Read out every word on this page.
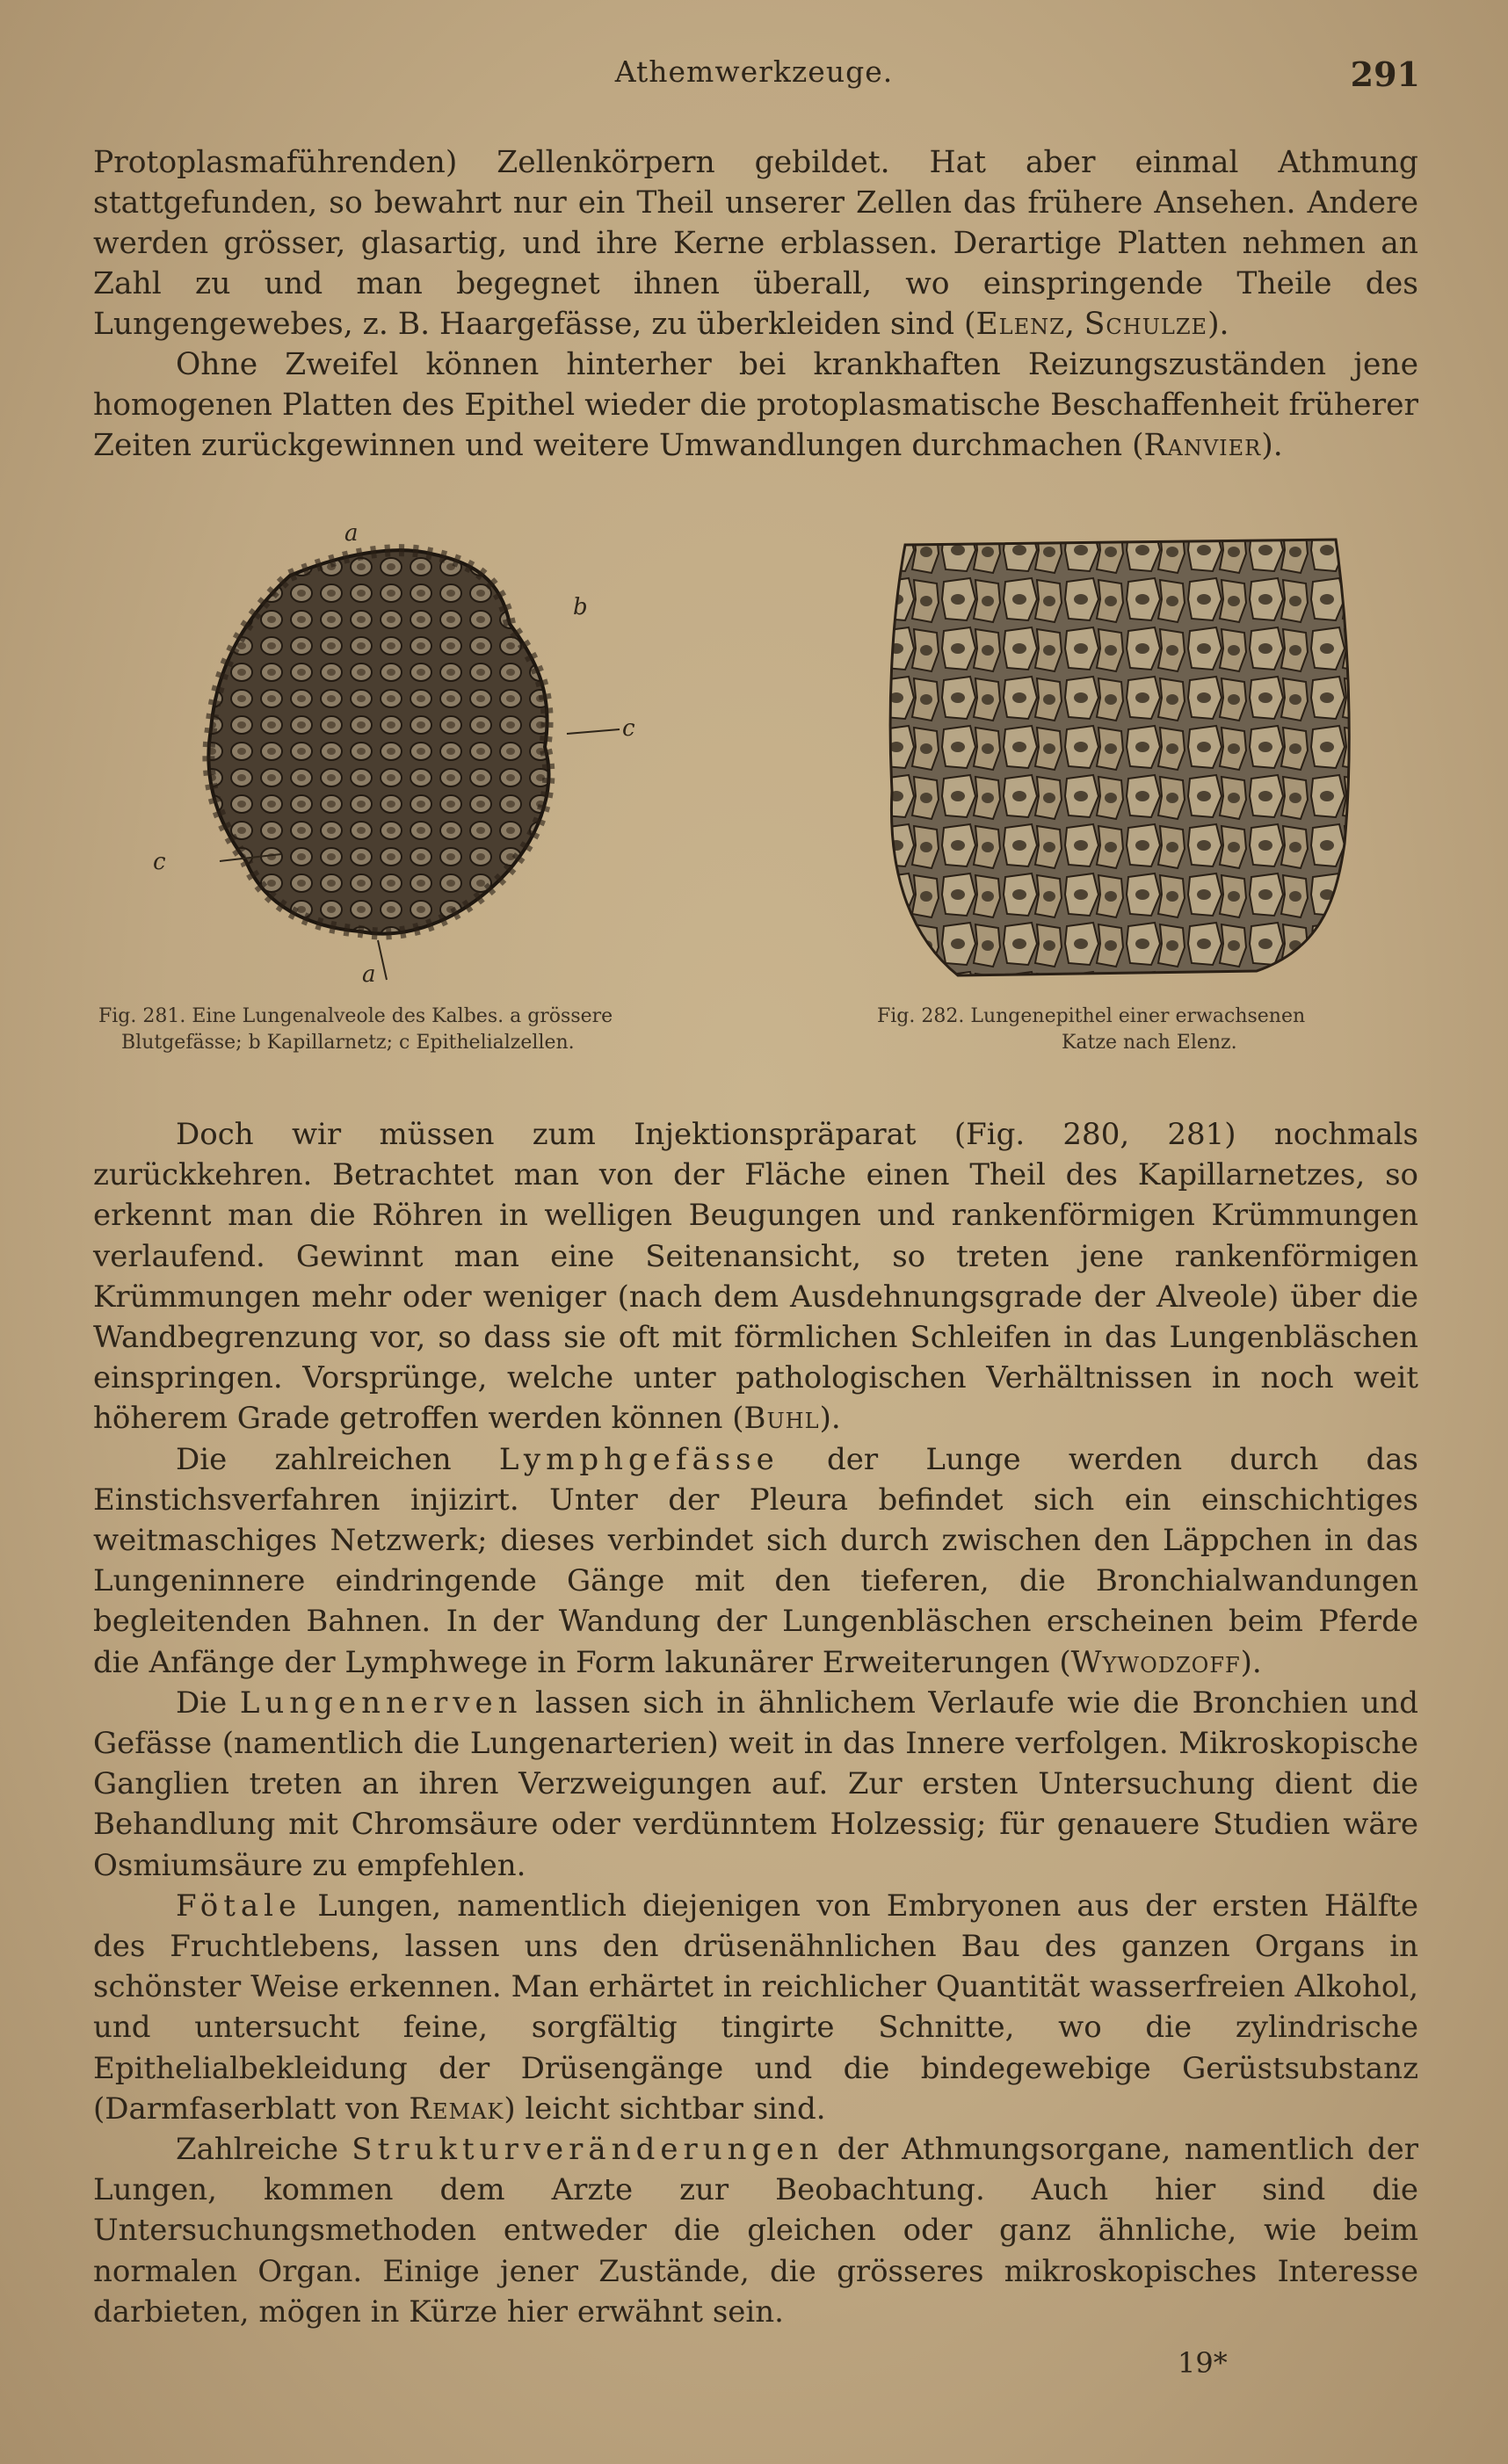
Athemwerkzeuge.	291

Protoplasmaführenden) Zellenkörpern gebildet. Hat aber einmal Athmung stattgefunden, so bewahrt nur ein Theil unserer Zellen das frühere Ansehen. Andere werden grösser, glasartig, und ihre Kerne erblassen. Derartige Platten nehmen an Zahl zu und man begegnet ihnen überall, wo einspringende Theile des Lungengewebes, z. B. Haargefässe, zu überkleiden sind (Elenz, Schulze).

Ohne Zweifel können hinterher bei krankhaften Reizungszuständen jene homogenen Platten des Epithel wieder die protoplasmatische Beschaffenheit früherer Zeiten zurückgewinnen und weitere Umwandlungen durchmachen (Ranvier).

a
b
c
c
a
Fig. 281. Eine Lungenalveole des Kalbes. a grössere
Blutgefässe; b Kapillarnetz; c Epithelialzellen.
Fig. 282. Lungenepithel einer erwachsenen
Katze nach Elenz.

Doch wir müssen zum Injektionspräparat (Fig. 280, 281) nochmals zurückkehren. Betrachtet man von der Fläche einen Theil des Kapillarnetzes, so erkennt man die Röhren in welligen Beugungen und rankenförmigen Krümmungen verlaufend. Gewinnt man eine Seitenansicht, so treten jene rankenförmigen Krümmungen mehr oder weniger (nach dem Ausdehnungsgrade der Alveole) über die Wandbegrenzung vor, so dass sie oft mit förmlichen Schleifen in das Lungenbläschen einspringen. Vorsprünge, welche unter pathologischen Verhältnissen in noch weit höherem Grade getroffen werden können (Buhl).

Die zahlreichen Lymphgefässe der Lunge werden durch das Einstichsverfahren injizirt. Unter der Pleura befindet sich ein einschichtiges weitmaschiges Netzwerk; dieses verbindet sich durch zwischen den Läppchen in das Lungeninnere eindringende Gänge mit den tieferen, die Bronchialwandungen begleitenden Bahnen. In der Wandung der Lungenbläschen erscheinen beim Pferde die Anfänge der Lymphwege in Form lakunärer Erweiterungen (Wywodzoff).

Die Lungennerven lassen sich in ähnlichem Verlaufe wie die Bronchien und Gefässe (namentlich die Lungenarterien) weit in das Innere verfolgen. Mikroskopische Ganglien treten an ihren Verzweigungen auf. Zur ersten Untersuchung dient die Behandlung mit Chromsäure oder verdünntem Holzessig; für genauere Studien wäre Osmiumsäure zu empfehlen.

Fötale Lungen, namentlich diejenigen von Embryonen aus der ersten Hälfte des Fruchtlebens, lassen uns den drüsenähnlichen Bau des ganzen Organs in schönster Weise erkennen. Man erhärtet in reichlicher Quantität wasserfreien Alkohol, und untersucht feine, sorgfältig tingirte Schnitte, wo die zylindrische Epithelialbekleidung der Drüsengänge und die bindegewebige Gerüstsubstanz (Darmfaserblatt von Remak) leicht sichtbar sind.

Zahlreiche Strukturveränderungen der Athmungsorgane, namentlich der Lungen, kommen dem Arzte zur Beobachtung. Auch hier sind die Untersuchungsmethoden entweder die gleichen oder ganz ähnliche, wie beim normalen Organ. Einige jener Zustände, die grösseres mikroskopisches Interesse darbieten, mögen in Kürze hier erwähnt sein.

19*
